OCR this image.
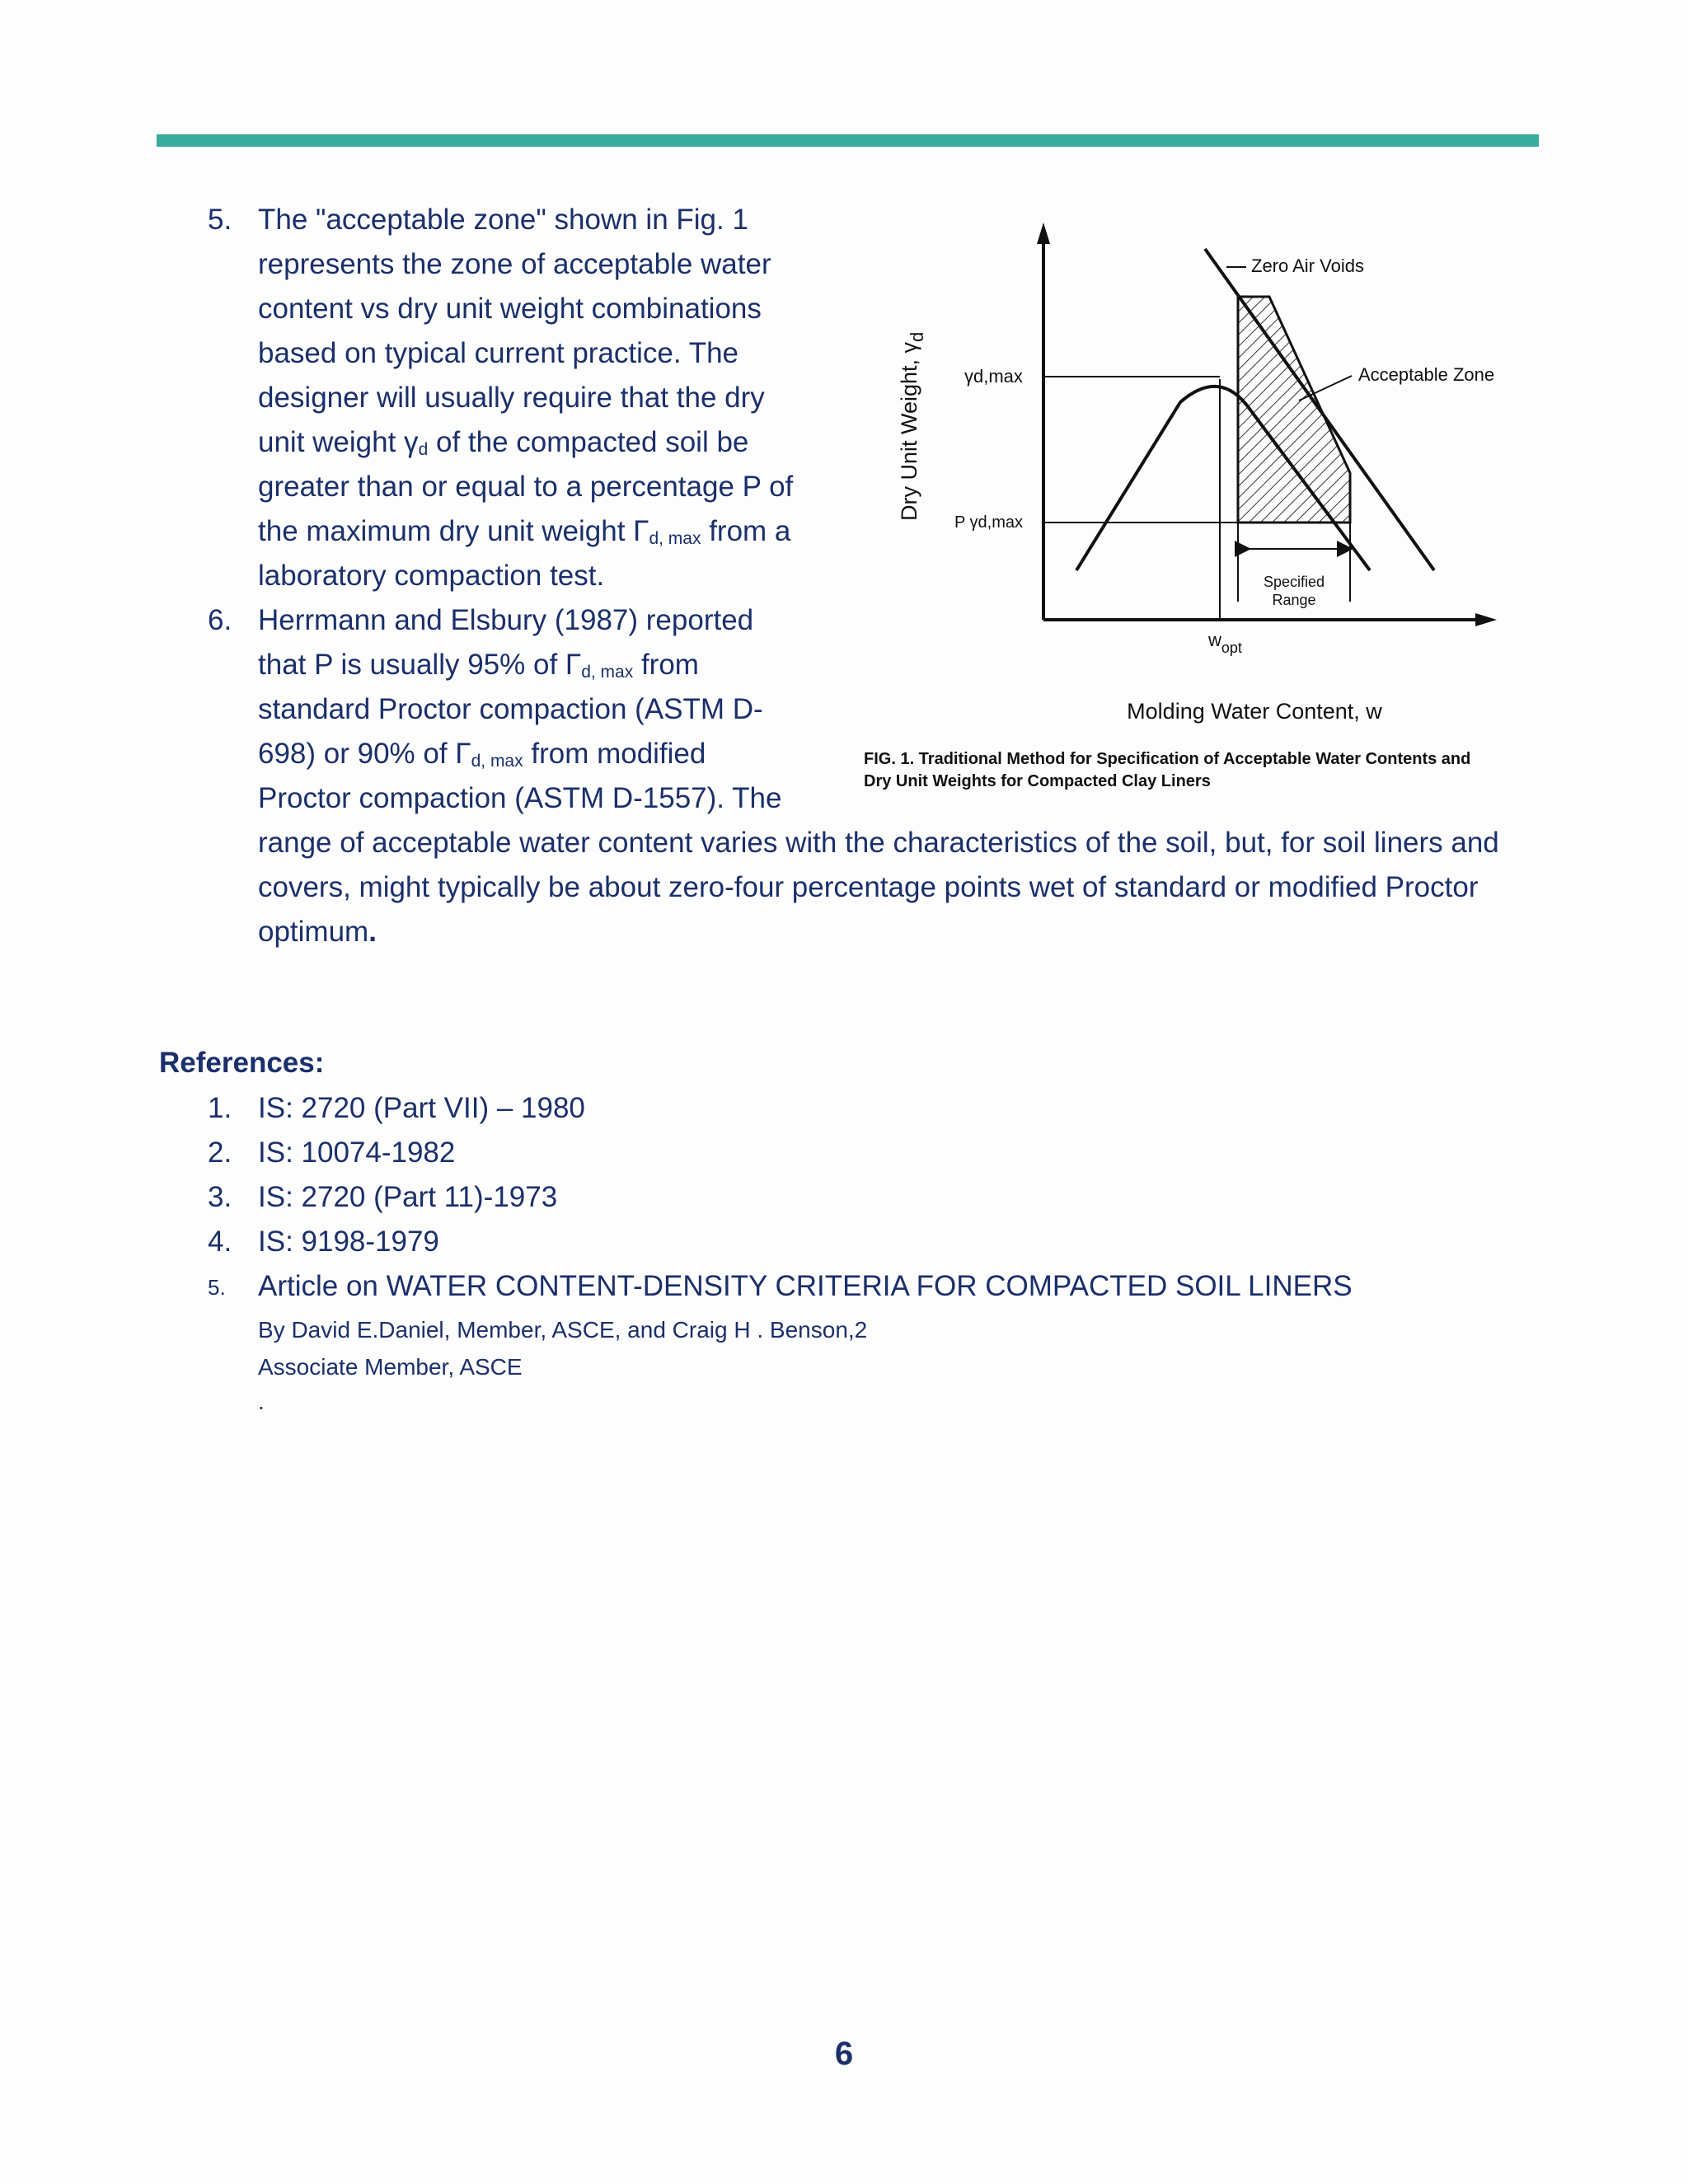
5. The "acceptable zone" shown in Fig. 1
represents the zone of acceptable water
content vs dry unit weight combinations
based on typical current practice. The
designer will usually require that the dry
unit weight $\gamma_d$ of the compacted soil be
greater than or equal to a percentage P of
the maximum dry unit weight $\Gamma_{d, max}$ from a
laboratory compaction test.
6. Herrmann and Elsbury (1987) reported
that P is usually 95% of $\Gamma_{d, max}$ from
standard Proctor compaction (ASTM D-
698) or 90% of $\Gamma_{d, max}$ from modified
Proctor compaction (ASTM D-1557). The
range of acceptable water content varies with the characteristics of the soil, but, for soil liners and
covers, might typically be about zero-four percentage points wet of standard or modified Proctor
optimum.
Zero Air Voids
Acceptable Zone
γd,max
P γd,max
$w_{opt}$
Specified
Range
Molding Water Content, w
Dry Unit Weight, $\gamma_d$
FIG. 1. Traditional Method for Specification of Acceptable Water Contents and
Dry Unit Weights for Compacted Clay Liners
References:
1. IS: 2720 (Part VII) – 1980
2. IS: 10074-1982
3. IS: 2720 (Part 11)-1973
4. IS: 9198-1979
5. Article on WATER CONTENT-DENSITY CRITERIA FOR COMPACTED SOIL LINERS
By David E.Daniel, Member, ASCE, and Craig H . Benson,2
Associate Member, ASCE
.
6
